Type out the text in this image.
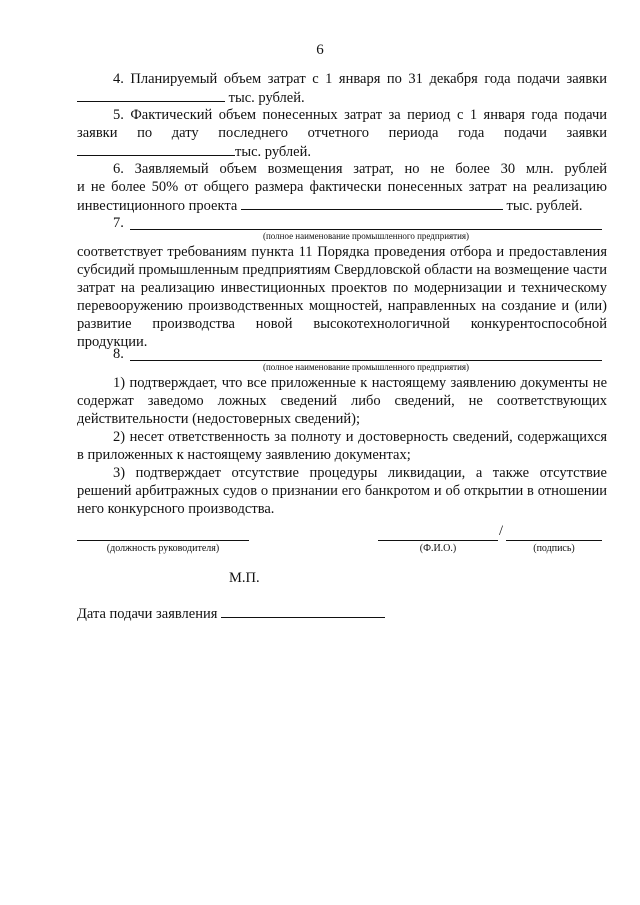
6
4. Планируемый объем затрат с 1 января по 31 декабря года подачи заявки
тыс. рублей.
5. Фактический объем понесенных затрат за период с 1 января года подачи
заявки по дату последнего отчетного периода года подачи заявки
тыс. рублей.
6. Заявляемый объем возмещения затрат, но не более 30 млн. рублей
и не более 50% от общего размера фактически понесенных затрат на реализацию
инвестиционного проекта	тыс. рублей.
7.
(полное наименование промышленного предприятия)
соответствует требованиям пункта 11 Порядка проведения отбора и предоставления субсидий промышленным предприятиям Свердловской области на возмещение части затрат на реализацию инвестиционных проектов по модернизации и техническому перевооружению производственных мощностей, направленных на создание и (или) развитие производства новой высокотехнологичной конкурентоспособной продукции.
8.
(полное наименование промышленного предприятия)
1) подтверждает, что все приложенные к настоящему заявлению документы не содержат заведомо ложных сведений либо сведений, не соответствующих действительности (недостоверных сведений);
2) несет ответственность за полноту и достоверность сведений, содержащихся в приложенных к настоящему заявлению документах;
3) подтверждает отсутствие процедуры ликвидации, а также отсутствие решений арбитражных судов о признании его банкротом и об открытии в отношении него конкурсного производства.
(должность руководителя)
/
(Ф.И.О.)	(подпись)
М.П.
Дата подачи заявления
